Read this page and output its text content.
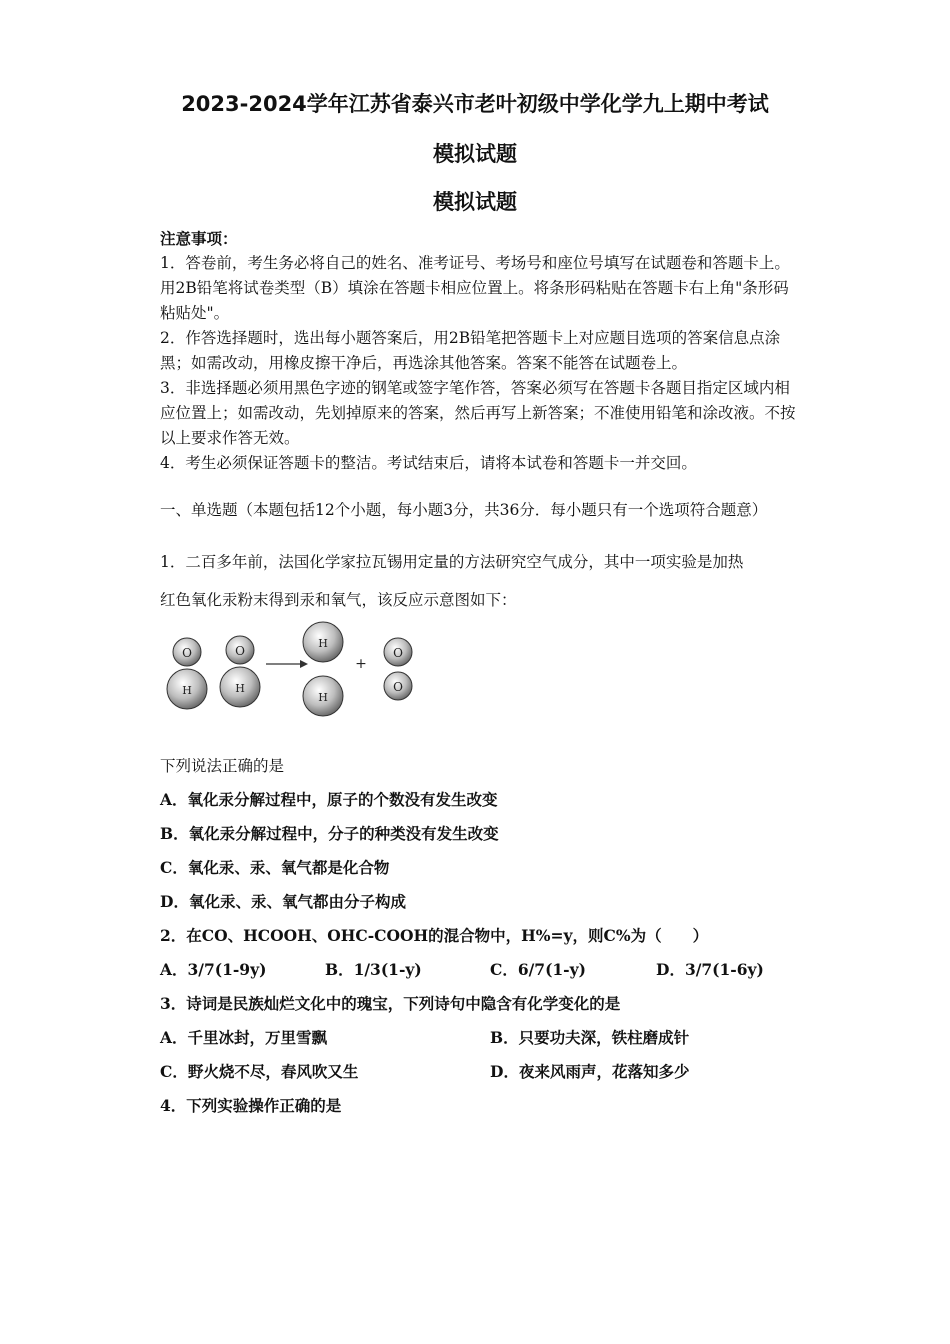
2023-2024学年江苏省泰兴市老叶初级中学化学九上期中考试
模拟试题
模拟试题
注意事项：
1．答卷前，考生务必将自己的姓名、准考证号、考场号和座位号填写在试题卷和答题卡上。用2B铅笔将试卷类型（B）填涂在答题卡相应位置上。将条形码粘贴在答题卡右上角"条形码粘贴处"。
2．作答选择题时，选出每小题答案后，用2B铅笔把答题卡上对应题目选项的答案信息点涂黑；如需改动，用橡皮擦干净后，再选涂其他答案。答案不能答在试题卷上。
3．非选择题必须用黑色字迹的钢笔或签字笔作答，答案必须写在答题卡各题目指定区域内相应位置上；如需改动，先划掉原来的答案，然后再写上新答案；不准使用铅笔和涂改液。不按以上要求作答无效。
4．考生必须保证答题卡的整洁。考试结束后，请将本试卷和答题卡一并交回。
一、单选题（本题包括12个小题，每小题3分，共36分．每小题只有一个选项符合题意）
1．二百多年前，法国化学家拉瓦锡用定量的方法研究空气成分，其中一项实验是加热
红色氧化汞粉末得到汞和氧气，该反应示意图如下：
O
H
O
H
H
H
+
O
O
下列说法正确的是
A．氧化汞分解过程中，原子的个数没有发生改变
B．氧化汞分解过程中，分子的种类没有发生改变
C．氧化汞、汞、氧气都是化合物
D．氧化汞、汞、氧气都由分子构成
2．在CO、HCOOH、OHC-COOH的混合物中，H%=y，则C%为（　　）
A．3/7(1-9y)	B．1/3(1-y)	C．6/7(1-y)	D．3/7(1-6y)
3．诗词是民族灿烂文化中的瑰宝，下列诗句中隐含有化学变化的是
A．千里冰封，万里雪飘	B．只要功夫深，铁柱磨成针
C．野火烧不尽，春风吹又生	D．夜来风雨声，花落知多少
4．下列实验操作正确的是
